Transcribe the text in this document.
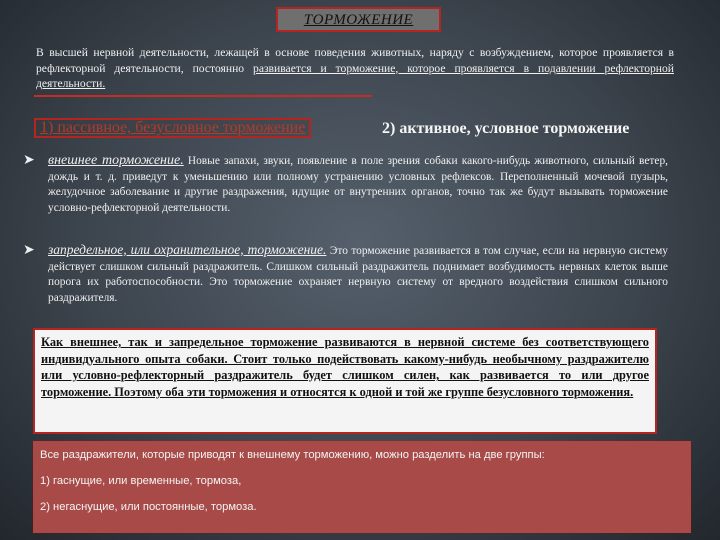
ТОРМОЖЕНИЕ
В высшей нервной деятельности, лежащей в основе поведения животных, наряду с возбуждением, которое проявляется в рефлекторной деятельности, постоянно развивается и торможение, которое проявляется в подавлении рефлекторной деятельности.
1) пассивное, безусловное торможение	2) активное, условное торможение
➤ внешнее торможение. Новые запахи, звуки, появление в поле зрения собаки какого-нибудь животного, сильный ветер, дождь и т. д. приведут к уменьшению или полному устранению условных рефлексов. Переполненный мочевой пузырь, желудочное заболевание и другие раздражения, идущие от внутренних органов, точно так же будут вызывать торможение условно-рефлекторной деятельности.
➤ запредельное, или охранительное, торможение. Это торможение развивается в том случае, если на нервную систему действует слишком сильный раздражитель. Слишком сильный раздражитель поднимает возбудимость нервных клеток выше порога их работоспособности. Это торможение охраняет нервную систему от вредного воздействия слишком сильного раздражителя.
Как внешнее, так и запредельное торможение развиваются в нервной системе без соответствующего индивидуального опыта собаки. Стоит только подействовать какому-нибудь необычному раздражителю или условно-рефлекторный раздражитель будет слишком силен, как развивается то или другое торможение. Поэтому оба эти торможения и относятся к одной и той же группе безусловного торможения.
Все раздражители, которые приводят к внешнему торможению, можно разделить на две группы:
1) гаснущие, или временные, тормоза,
2) негаснущие, или постоянные, тормоза.
